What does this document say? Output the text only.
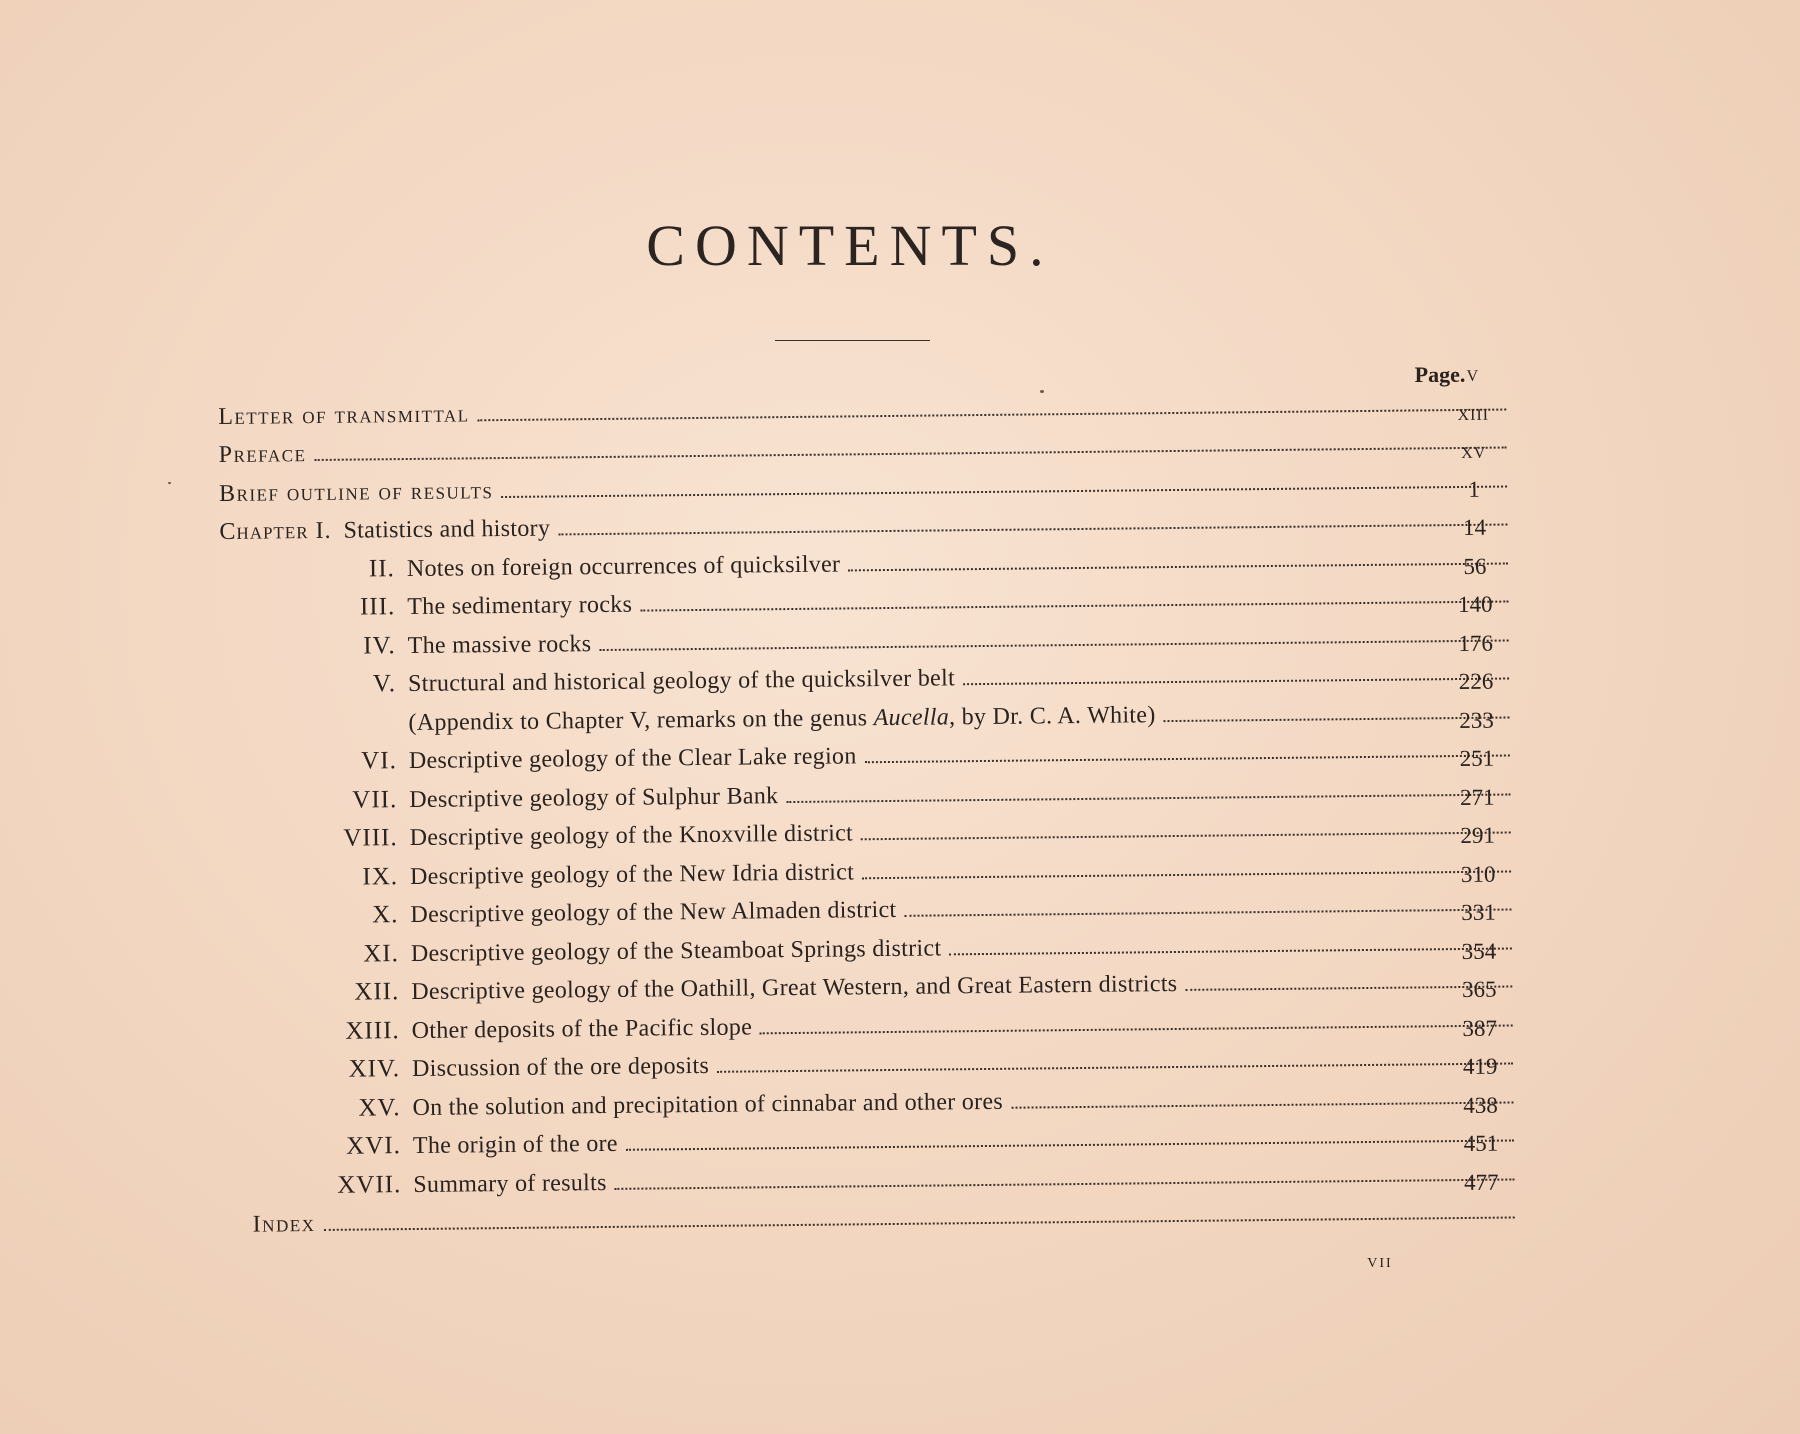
CONTENTS.
Page.
Letter of transmittal
v
Preface
xiii
Brief outline of results
xv
Chapter I. Statistics and history
1
II. Notes on foreign occurrences of quicksilver
14
III. The sedimentary rocks
56
IV. The massive rocks
140
V. Structural and historical geology of the quicksilver belt
176
(Appendix to Chapter V, remarks on the genus Aucella, by Dr. C. A. White)
226
VI. Descriptive geology of the Clear Lake region
233
VII. Descriptive geology of Sulphur Bank
251
VIII. Descriptive geology of the Knoxville district
271
IX. Descriptive geology of the New Idria district
291
X. Descriptive geology of the New Almaden district
310
XI. Descriptive geology of the Steamboat Springs district
331
XII. Descriptive geology of the Oathill, Great Western, and Great Eastern districts
354
XIII. Other deposits of the Pacific slope
365
XIV. Discussion of the ore deposits
387
XV. On the solution and precipitation of cinnabar and other ores
419
XVI. The origin of the ore
438
XVII. Summary of results
451
Index
477
vii
